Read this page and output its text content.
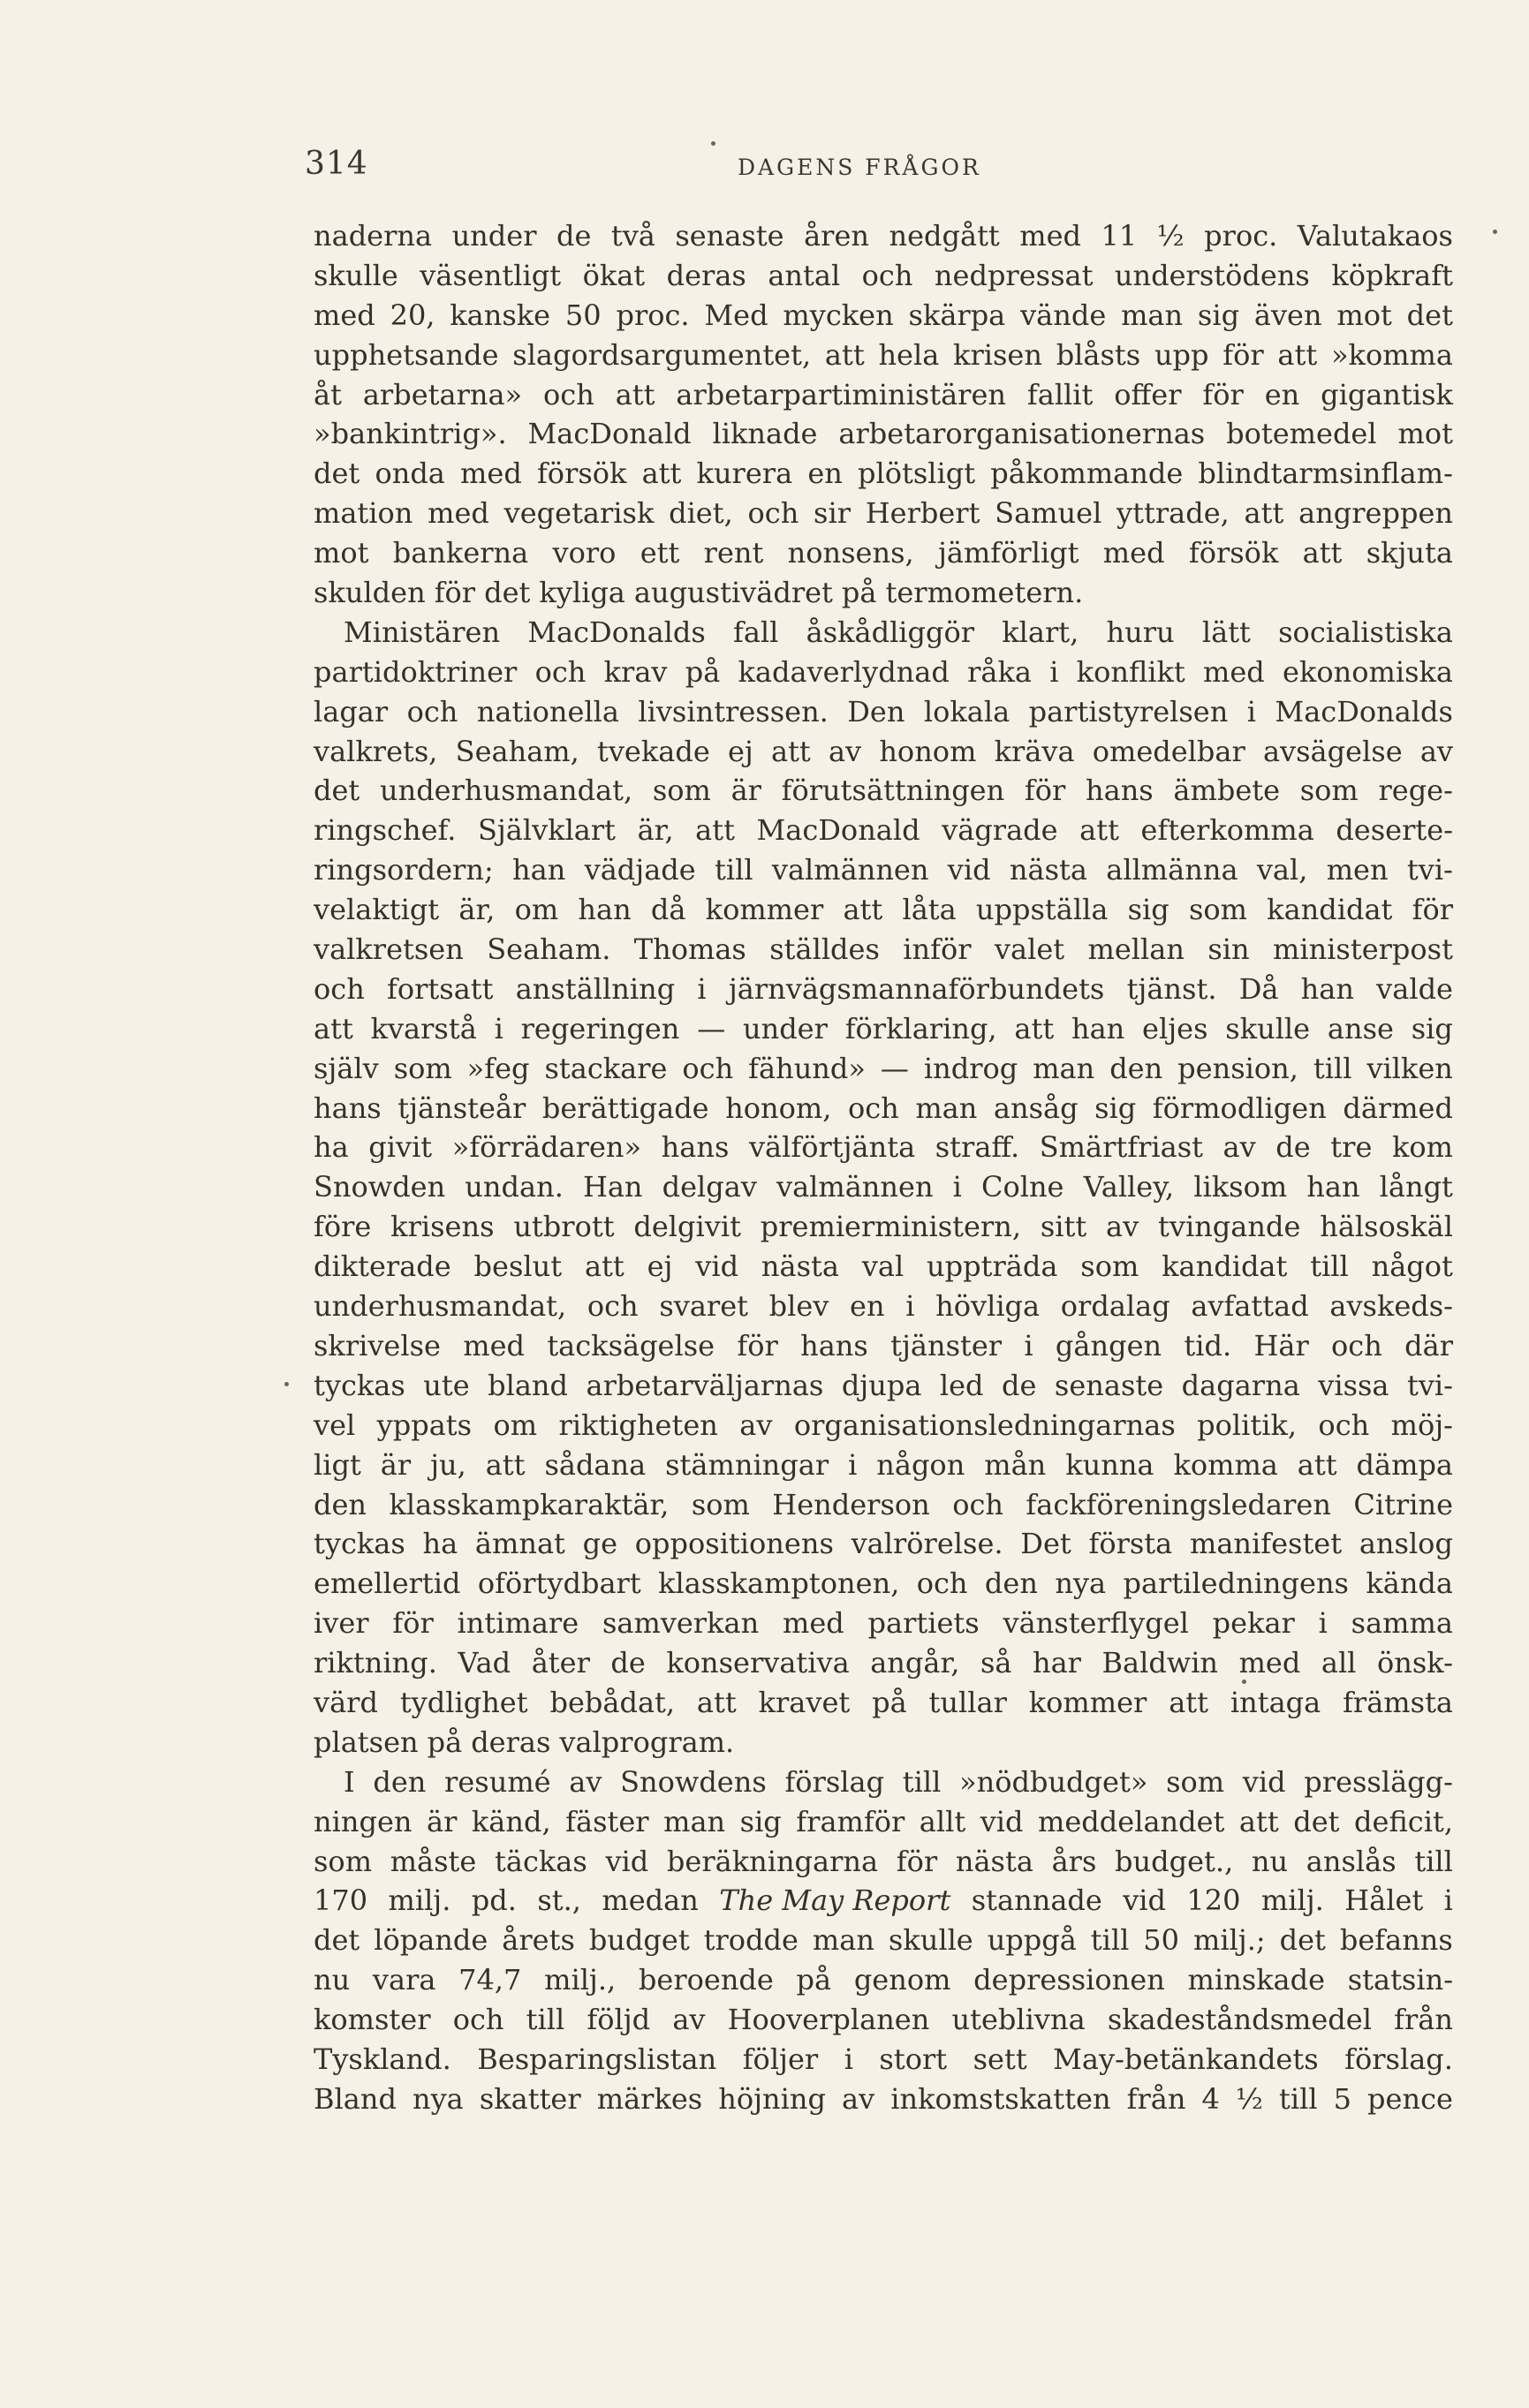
314	DAGENS FRÅGOR
naderna under de två senaste åren nedgått med 11 ½ proc. Valutakaos
skulle väsentligt ökat deras antal och nedpressat understödens köpkraft
med 20, kanske 50 proc. Med mycken skärpa vände man sig även mot det
upphetsande slagordsargumentet, att hela krisen blåsts upp för att »komma
åt arbetarna» och att arbetarpartiministären fallit offer för en gigantisk
»bankintrig». MacDonald liknade arbetarorganisationernas botemedel mot
det onda med försök att kurera en plötsligt påkommande blindtarmsinflam-
mation med vegetarisk diet, och sir Herbert Samuel yttrade, att angreppen
mot bankerna voro ett rent nonsens, jämförligt med försök att skjuta
skulden för det kyliga augustivädret på termometern.
Ministären MacDonalds fall åskådliggör klart, huru lätt socialistiska
partidoktriner och krav på kadaverlydnad råka i konflikt med ekonomiska
lagar och nationella livsintressen. Den lokala partistyrelsen i MacDonalds
valkrets, Seaham, tvekade ej att av honom kräva omedelbar avsägelse av
det underhusmandat, som är förutsättningen för hans ämbete som rege-
ringschef. Självklart är, att MacDonald vägrade att efterkomma deserte-
ringsordern; han vädjade till valmännen vid nästa allmänna val, men tvi-
velaktigt är, om han då kommer att låta uppställa sig som kandidat för
valkretsen Seaham. Thomas ställdes inför valet mellan sin ministerpost
och fortsatt anställning i järnvägsmannaförbundets tjänst. Då han valde
att kvarstå i regeringen — under förklaring, att han eljes skulle anse sig
själv som »feg stackare och fähund» — indrog man den pension, till vilken
hans tjänsteår berättigade honom, och man ansåg sig förmodligen därmed
ha givit »förrädaren» hans välförtjänta straff. Smärtfriast av de tre kom
Snowden undan. Han delgav valmännen i Colne Valley, liksom han långt
före krisens utbrott delgivit premierministern, sitt av tvingande hälsoskäl
dikterade beslut att ej vid nästa val uppträda som kandidat till något
underhusmandat, och svaret blev en i hövliga ordalag avfattad avskeds-
skrivelse med tacksägelse för hans tjänster i gången tid. Här och där
tyckas ute bland arbetarväljarnas djupa led de senaste dagarna vissa tvi-
vel yppats om riktigheten av organisationsledningarnas politik, och möj-
ligt är ju, att sådana stämningar i någon mån kunna komma att dämpa
den klasskampkaraktär, som Henderson och fackföreningsledaren Citrine
tyckas ha ämnat ge oppositionens valrörelse. Det första manifestet anslog
emellertid oförtydbart klasskamptonen, och den nya partiledningens kända
iver för intimare samverkan med partiets vänsterflygel pekar i samma
riktning. Vad åter de konservativa angår, så har Baldwin med all önsk-
värd tydlighet bebådat, att kravet på tullar kommer att intaga främsta
platsen på deras valprogram.
I den resumé av Snowdens förslag till »nödbudget» som vid presslägg-
ningen är känd, fäster man sig framför allt vid meddelandet att det deficit,
som måste täckas vid beräkningarna för nästa års budget., nu anslås till
170 milj. pd. st., medan The May Report stannade vid 120 milj. Hålet i
det löpande årets budget trodde man skulle uppgå till 50 milj.; det befanns
nu vara 74,7 milj., beroende på genom depressionen minskade statsin-
komster och till följd av Hooverplanen uteblivna skadeståndsmedel från
Tyskland. Besparingslistan följer i stort sett May-betänkandets förslag.
Bland nya skatter märkes höjning av inkomstskatten från 4 ½ till 5 pence
